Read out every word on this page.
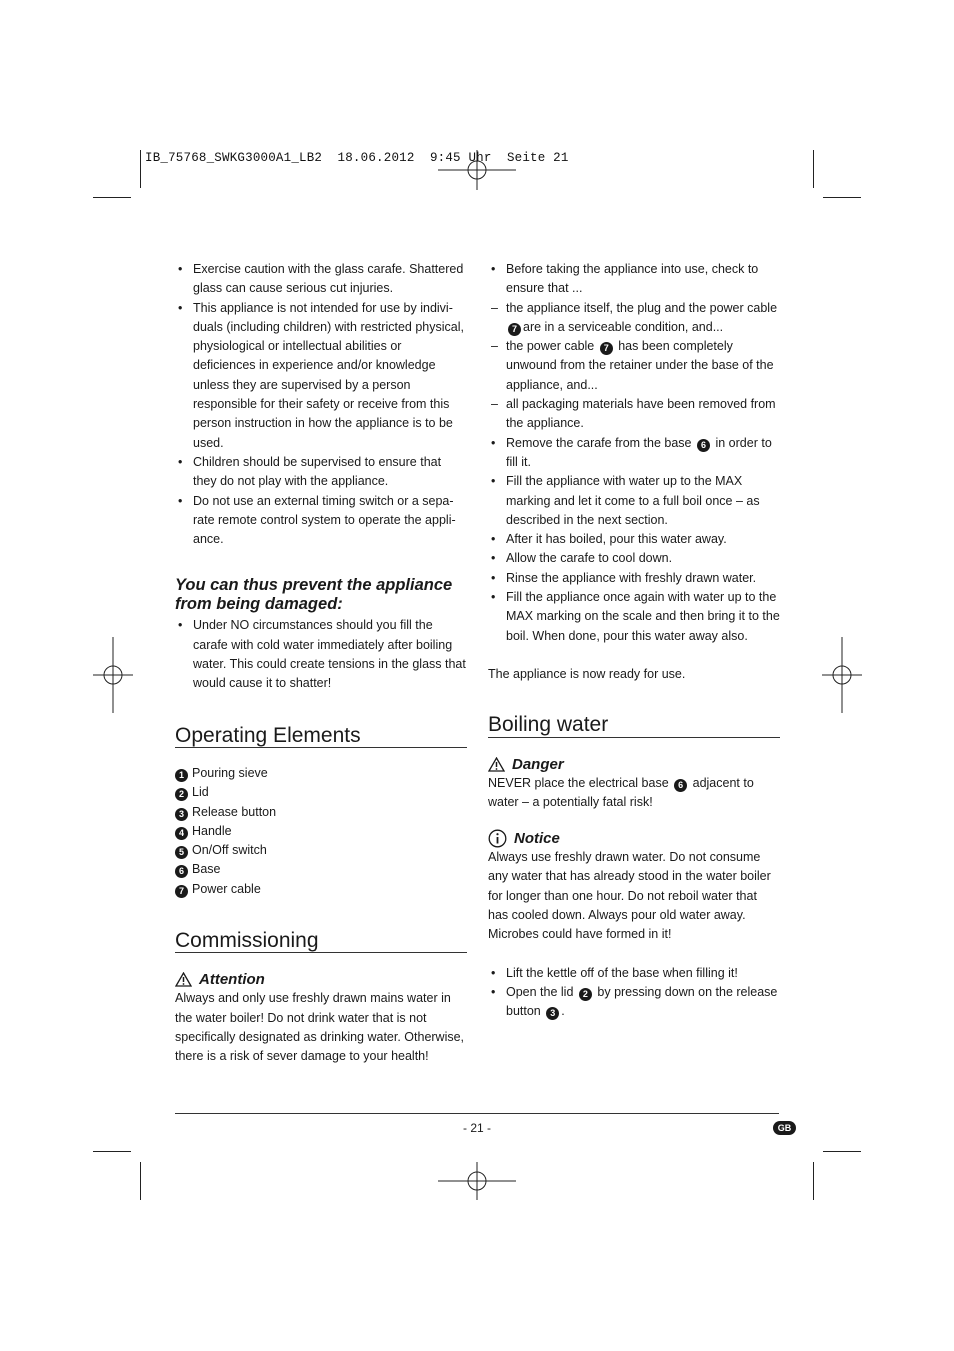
IB_75768_SWKG3000A1_LB2  18.06.2012  9:45 Uhr  Seite 21
• Exercise caution with the glass carafe. Shattered glass can cause serious cut injuries.
• This appliance is not intended for use by indivi-duals (including children) with restricted physical, physiological or intellectual abilities or deficiences in experience and/or knowledge unless they are supervised by a person responsible for their safety or receive from this person instruction in how the appliance is to be used.
• Children should be supervised to ensure that they do not play with the appliance.
• Do not use an external timing switch or a sepa-rate remote control system to operate the appli-ance.
You can thus prevent the appliance from being damaged:
• Under NO circumstances should you fill the carafe with cold water immediately after boiling water. This could create tensions in the glass that would cause it to shatter!
Operating Elements
1 Pouring sieve
2 Lid
3 Release button
4 Handle
5 On/Off switch
6 Base
7 Power cable
Commissioning
Attention

Always and only use freshly drawn mains water in the water boiler! Do not drink water that is not specifically designated as drinking water. Otherwise, there is a risk of sever damage to your health!

• Before taking the appliance into use, check to ensure that ...
– the appliance itself, the plug and the power cable 7 are in a serviceable condition, and...
– the power cable 7 has been completely unwound from the retainer under the base of the appliance, and...
– all packaging materials have been removed from the appliance.
• Remove the carafe from the base 6 in order to fill it.
• Fill the appliance with water up to the MAX marking and let it come to a full boil once – as described in the next section.
• After it has boiled, pour this water away.
• Allow the carafe to cool down.
• Rinse the appliance with freshly drawn water.
• Fill the appliance once again with water up to the MAX marking on the scale and then bring it to the boil. When done, pour this water away also.

The appliance is now ready for use.

Boiling water
Danger

NEVER place the electrical base 6 adjacent to water – a potentially fatal risk!

Notice

Always use freshly drawn water. Do not consume any water that has already stood in the water boiler for longer than one hour. Do not reboil water that has cooled down. Always pour old water away. Microbes could have formed in it!

• Lift the kettle off of the base when filling it!
• Open the lid 2 by pressing down on the release button 3 .
- 21 -	GB
